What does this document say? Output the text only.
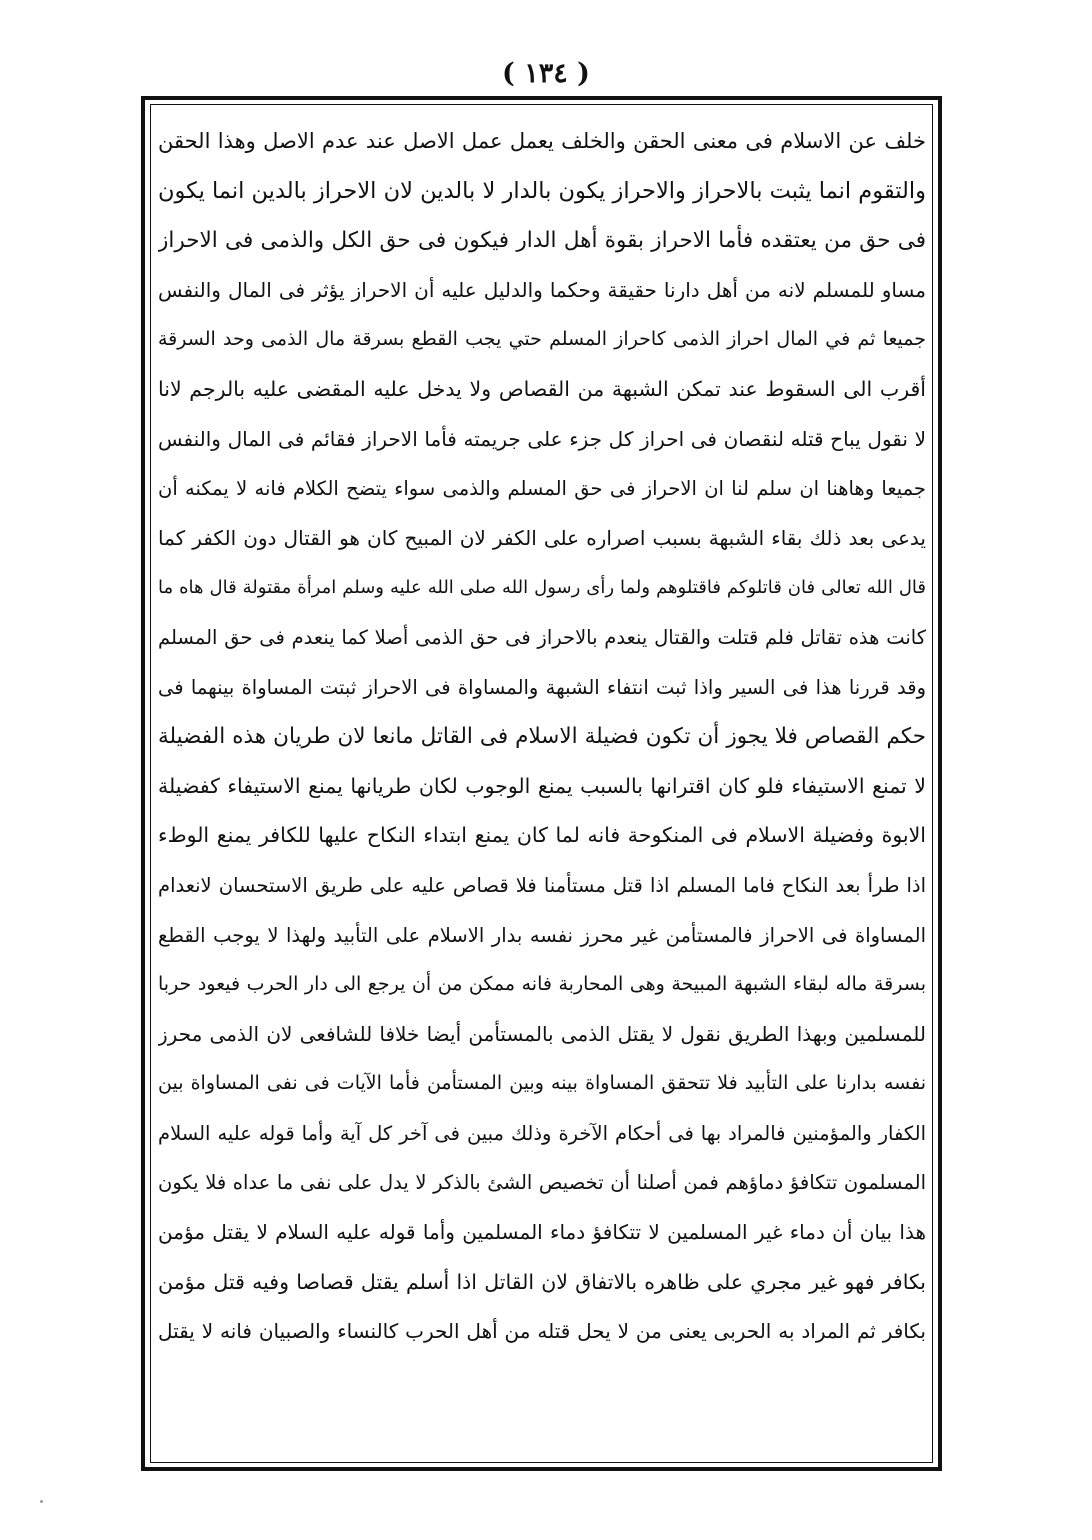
( ١٣٤ )
خلف عن الاسلام فى معنى الحقن والخلف يعمل عمل الاصل عند عدم الاصل وهذا الحقن
والتقوم انما يثبت بالاحراز والاحراز يكون بالدار لا بالدين لان الاحراز بالدين انما يكون
فى حق من يعتقده فأما الاحراز بقوة أهل الدار فيكون فى حق الكل والذمى فى الاحراز
مساو للمسلم لانه من أهل دارنا حقيقة وحكما والدليل عليه أن الاحراز يؤثر فى المال والنفس
جميعا ثم في المال احراز الذمى كاحراز المسلم حتي يجب القطع بسرقة مال الذمى وحد السرقة
أقرب الى السقوط عند تمكن الشبهة من القصاص ولا يدخل عليه المقضى عليه بالرجم لانا
لا نقول يباح قتله لنقصان فى احراز كل جزء على جريمته فأما الاحراز فقائم فى المال والنفس
جميعا وهاهنا ان سلم لنا ان الاحراز فى حق المسلم والذمى سواء يتضح الكلام فانه لا يمكنه أن
يدعى بعد ذلك بقاء الشبهة بسبب اصراره على الكفر لان المبيح كان هو القتال دون الكفر كما
قال الله تعالى فان قاتلوكم فاقتلوهم ولما رأى رسول الله صلى الله عليه وسلم امرأة مقتولة قال هاه ما
كانت هذه تقاتل فلم قتلت والقتال ينعدم بالاحراز فى حق الذمى أصلا كما ينعدم فى حق المسلم
وقد قررنا هذا فى السير واذا ثبت انتفاء الشبهة والمساواة فى الاحراز ثبتت المساواة بينهما فى
حكم القصاص فلا يجوز أن تكون فضيلة الاسلام فى القاتل مانعا لان طريان هذه الفضيلة
لا تمنع الاستيفاء فلو كان اقترانها بالسبب يمنع الوجوب لكان طريانها يمنع الاستيفاء كفضيلة
الابوة وفضيلة الاسلام فى المنكوحة فانه لما كان يمنع ابتداء النكاح عليها للكافر يمنع الوطء
اذا طرأ بعد النكاح فاما المسلم اذا قتل مستأمنا فلا قصاص عليه على طريق الاستحسان لانعدام
المساواة فى الاحراز فالمستأمن غير محرز نفسه بدار الاسلام على التأبيد ولهذا لا يوجب القطع
بسرقة ماله لبقاء الشبهة المبيحة وهى المحاربة فانه ممكن من أن يرجع الى دار الحرب فيعود حربا
للمسلمين وبهذا الطريق نقول لا يقتل الذمى بالمستأمن أيضا خلافا للشافعى لان الذمى محرز
نفسه بدارنا على التأبيد فلا تتحقق المساواة بينه وبين المستأمن فأما الآيات فى نفى المساواة بين
الكفار والمؤمنين فالمراد بها فى أحكام الآخرة وذلك مبين فى آخر كل آية وأما قوله عليه السلام
المسلمون تتكافؤ دماؤهم فمن أصلنا أن تخصيص الشئ بالذكر لا يدل على نفى ما عداه فلا يكون
هذا بيان أن دماء غير المسلمين لا تتكافؤ دماء المسلمين وأما قوله عليه السلام لا يقتل مؤمن
بكافر فهو غير مجري على ظاهره بالاتفاق لان القاتل اذا أسلم يقتل قصاصا وفيه قتل مؤمن
بكافر ثم المراد به الحربى يعنى من لا يحل قتله من أهل الحرب كالنساء والصبيان فانه لا يقتل
